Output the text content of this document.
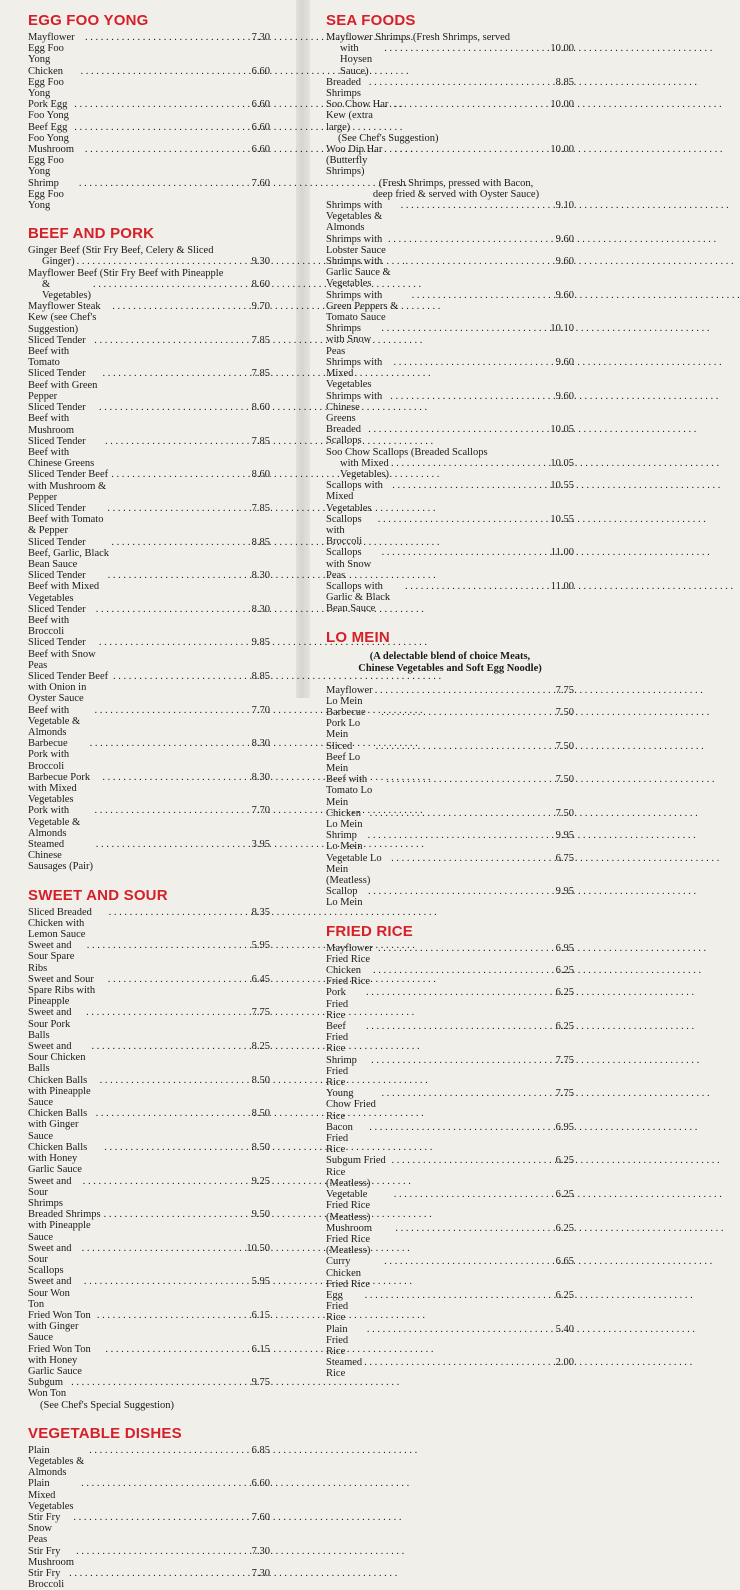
EGG FOO YONG
Mayflower Egg Foo Yong
. . .
7.30
Chicken Egg Foo Yong
. . .
6.60
Pork Egg Foo Yong
. . .
6.60
Beef Egg Foo Yong
. . .
6.60
Mushroom Egg Foo Yong
. . .
6.60
Shrimp Egg Foo Yong
. . .
7.60
BEEF AND PORK
Ginger Beef (Stir Fry Beef, Celery & Sliced
Ginger)
. . .	9.30
Mayflower Beef (Stir Fry Beef with Pineapple
& Vegetables)
. . .
8.60
Mayflower Steak Kew (see Chef's Suggestion)
. . .
9.70
Sliced Tender Beef with Tomato
. . .
7.85
Sliced Tender Beef with Green Pepper
. . .
7.85
Sliced Tender Beef with Mushroom
. . .
8.60
Sliced Tender Beef with Chinese Greens
. . .
7.85
Sliced Tender Beef with Mushroom & Pepper
. . .
8.60
Sliced Tender Beef with Tomato & Pepper
. . .
7.85
Sliced Tender Beef, Garlic, Black Bean Sauce
. . .
8.85
Sliced Tender Beef with Mixed Vegetables
. . .
8.30
Sliced Tender Beef with Broccoli
. . .
8.30
Sliced Tender Beef with Snow Peas
. . .
9.85
Sliced Tender Beef with Onion in Oyster Sauce
. . .
8.85
Beef with Vegetable & Almonds
. . .
7.70
Barbecue Pork with Broccoli
. . .
8.30
Barbecue Pork with Mixed Vegetables
. . .
8.30
Pork with Vegetable & Almonds
. . .
7.70
Steamed Chinese Sausages (Pair)
. . .
3.95
SWEET AND SOUR
Sliced Breaded Chicken with Lemon Sauce
. . .
8.35
Sweet and Sour Spare Ribs
. . .
5.95
Sweet and Sour Spare Ribs with Pineapple
. . .
6.45
Sweet and Sour Pork Balls
. . .
7.75
Sweet and Sour Chicken Balls
. . .
8.25
Chicken Balls with Pineapple Sauce
. . .
8.50
Chicken Balls with Ginger Sauce
. . .
8.50
Chicken Balls with Honey Garlic Sauce
. . .
8.50
Sweet and Sour Shrimps
. . .
9.25
Breaded Shrimps with Pineapple Sauce
. . .
9.50
Sweet and Sour Scallops
. . .
10.50
Sweet and Sour Won Ton
. . .
5.95
Fried Won Ton with Ginger Sauce
. . .
6.15
Fried Won Ton with Honey Garlic Sauce
. . .
6.15
Subgum Won Ton
. . .
9.75
(See Chef's Special Suggestion)
VEGETABLE DISHES
Plain Vegetables & Almonds
. . .
6.85
Plain Mixed Vegetables
. . .
6.60
Stir Fry Snow Peas
. . .
7.60
Stir Fry Mushroom
. . .
7.30
Stir Fry Broccoli
. . .
7.30
SEA FOODS
Mayflower Shrimps (Fresh Shrimps, served
with Hoysen Sauce)
. . .
10.00
Breaded Shrimps
. . .
8.85
Soo Chow Har Kew (extra large)
. . .
10.00
(See Chef's Suggestion)
Woo Dip Har (Butterfly Shrimps)
. . .
10.00
(Fresh Shrimps, pressed with Bacon,
deep fried & served with Oyster Sauce)
Shrimps with Vegetables & Almonds
. . .
9.10
Shrimps with Lobster Sauce
. . .
9.60
Shrimps with Garlic Sauce & Vegetables
. . .
9.60
Shrimps with Green Peppers & Tomato Sauce
. . .
9.60
Shrimps with Snow Peas
. . .
10.10
Shrimps with Mixed Vegetables
. . .
9.60
Shrimps with Chinese Greens
. . .
9.60
Breaded Scallops
. . .
10.05
Soo Chow Scallops (Breaded Scallops
with Mixed Vegetables)
. . .
10.05
Scallops with Mixed Vegetables
. . .
10.55
Scallops with Broccoli
. . .
10.55
Scallops with Snow Peas
. . .
11.00
Scallops with Garlic & Black Bean Sauce
. . .
11.00
LO MEIN
(A delectable blend of choice Meats,
Chinese Vegetables and Soft Egg Noodle)
Mayflower Lo Mein
. . .
7.75
Barbecue Pork Lo Mein
. . .
7.50
Sliced Beef Lo Mein
. . .
7.50
Beef with Tomato Lo Mein
. . .
7.50
Chicken Lo Mein
. . .
7.50
Shrimp Lo Mein
. . .
9.95
Vegetable Lo Mein (Meatless)
. . .
6.75
Scallop Lo Mein
. . .
9.95
FRIED RICE
Mayflower Fried Rice
. . .
6.95
Chicken Fried Rice
. . .
6.25
Pork Fried Rice
. . .
6.25
Beef Fried Rice
. . .
6.25
Shrimp Fried Rice
. . .
7.75
Young Chow Fried Rice
. . .
7.75
Bacon Fried Rice
. . .
6.95
Subgum Fried Rice (Meatless)
. . .
6.25
Vegetable Fried Rice (Meatless)
. . .
6.25
Mushroom Fried Rice (Meatless)
. . .
6.25
Curry Chicken Fried Rice
. . .
6.65
Egg Fried Rice
. . .
6.25
Plain Fried Rice
. . .
5.40
Steamed Rice
. . .
2.00
